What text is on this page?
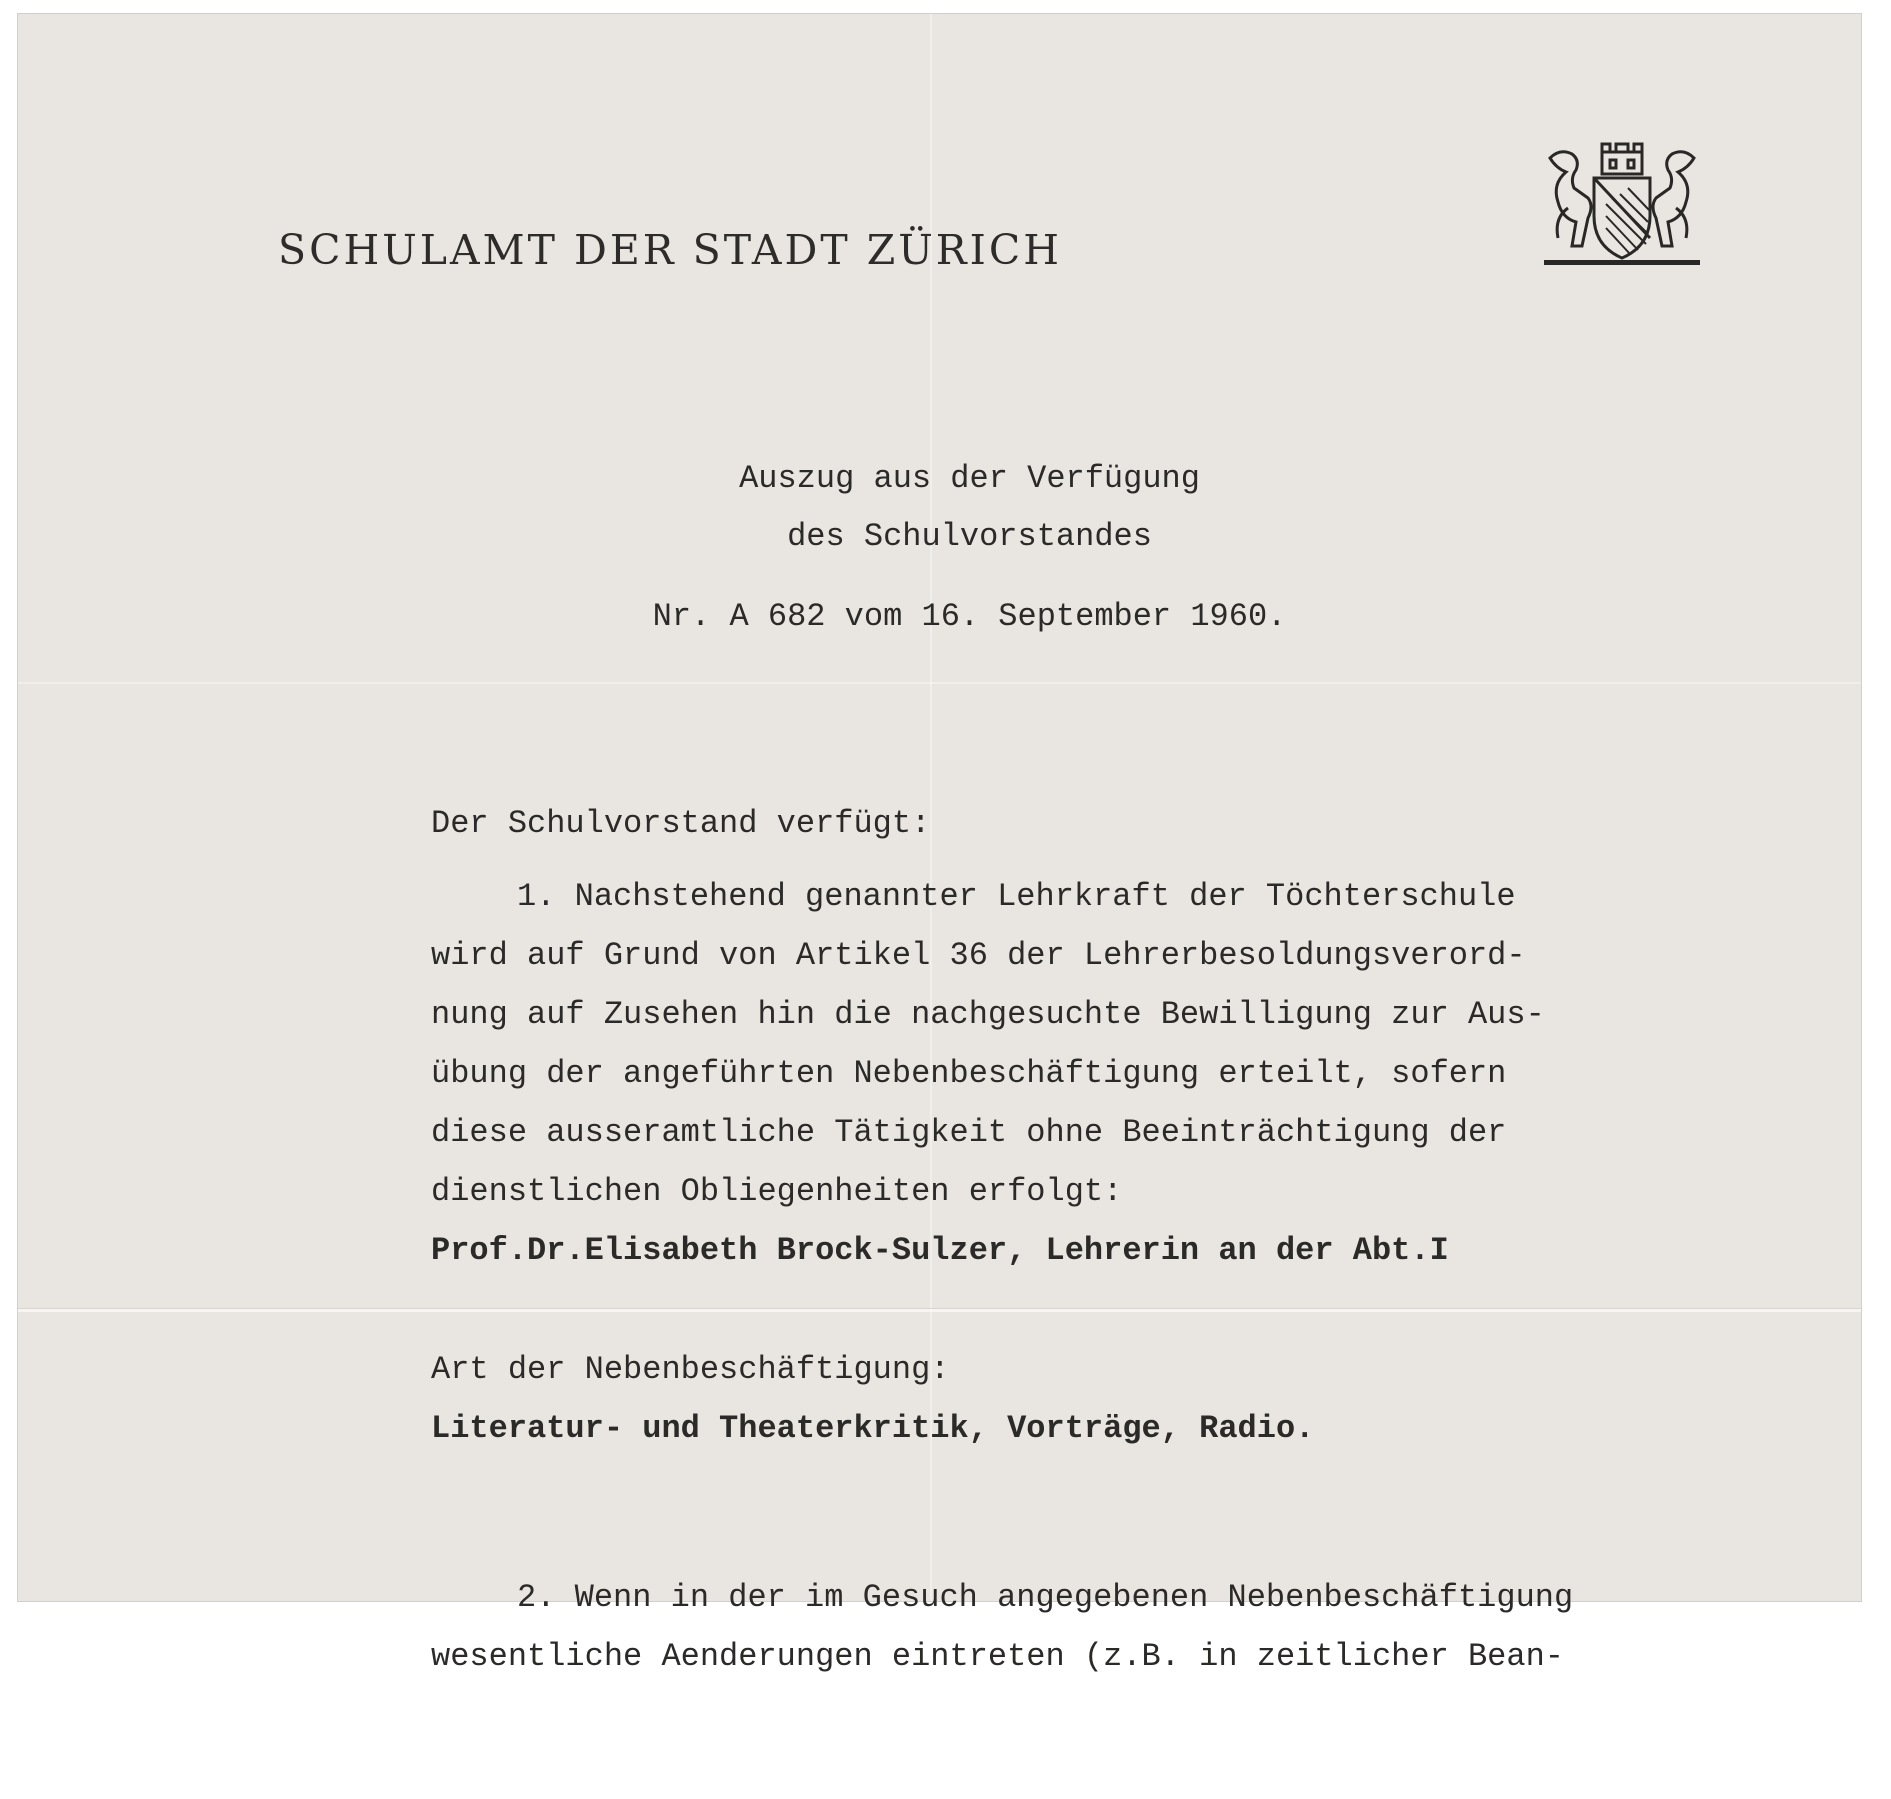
SCHULAMT DER STADT ZÜRICH

Auszug aus der Verfügung

des Schulvorstandes

Nr. A 682 vom 16. September 1960.

Der Schulvorstand verfügt:

1. Nachstehend genannter Lehrkraft der Töchterschule

wird auf Grund von Artikel 36 der Lehrerbesoldungsverord-

nung auf Zusehen hin die nachgesuchte Bewilligung zur Aus-

übung der angeführten Nebenbeschäftigung erteilt, sofern

diese ausseramtliche Tätigkeit ohne Beeinträchtigung der

dienstlichen Obliegenheiten erfolgt:

Prof.Dr.Elisabeth Brock-Sulzer, Lehrerin an der Abt.I

Art der Nebenbeschäftigung:

Literatur- und Theaterkritik, Vorträge, Radio.

2. Wenn in der im Gesuch angegebenen Nebenbeschäftigung

wesentliche Aenderungen eintreten (z.B. in zeitlicher Bean-
